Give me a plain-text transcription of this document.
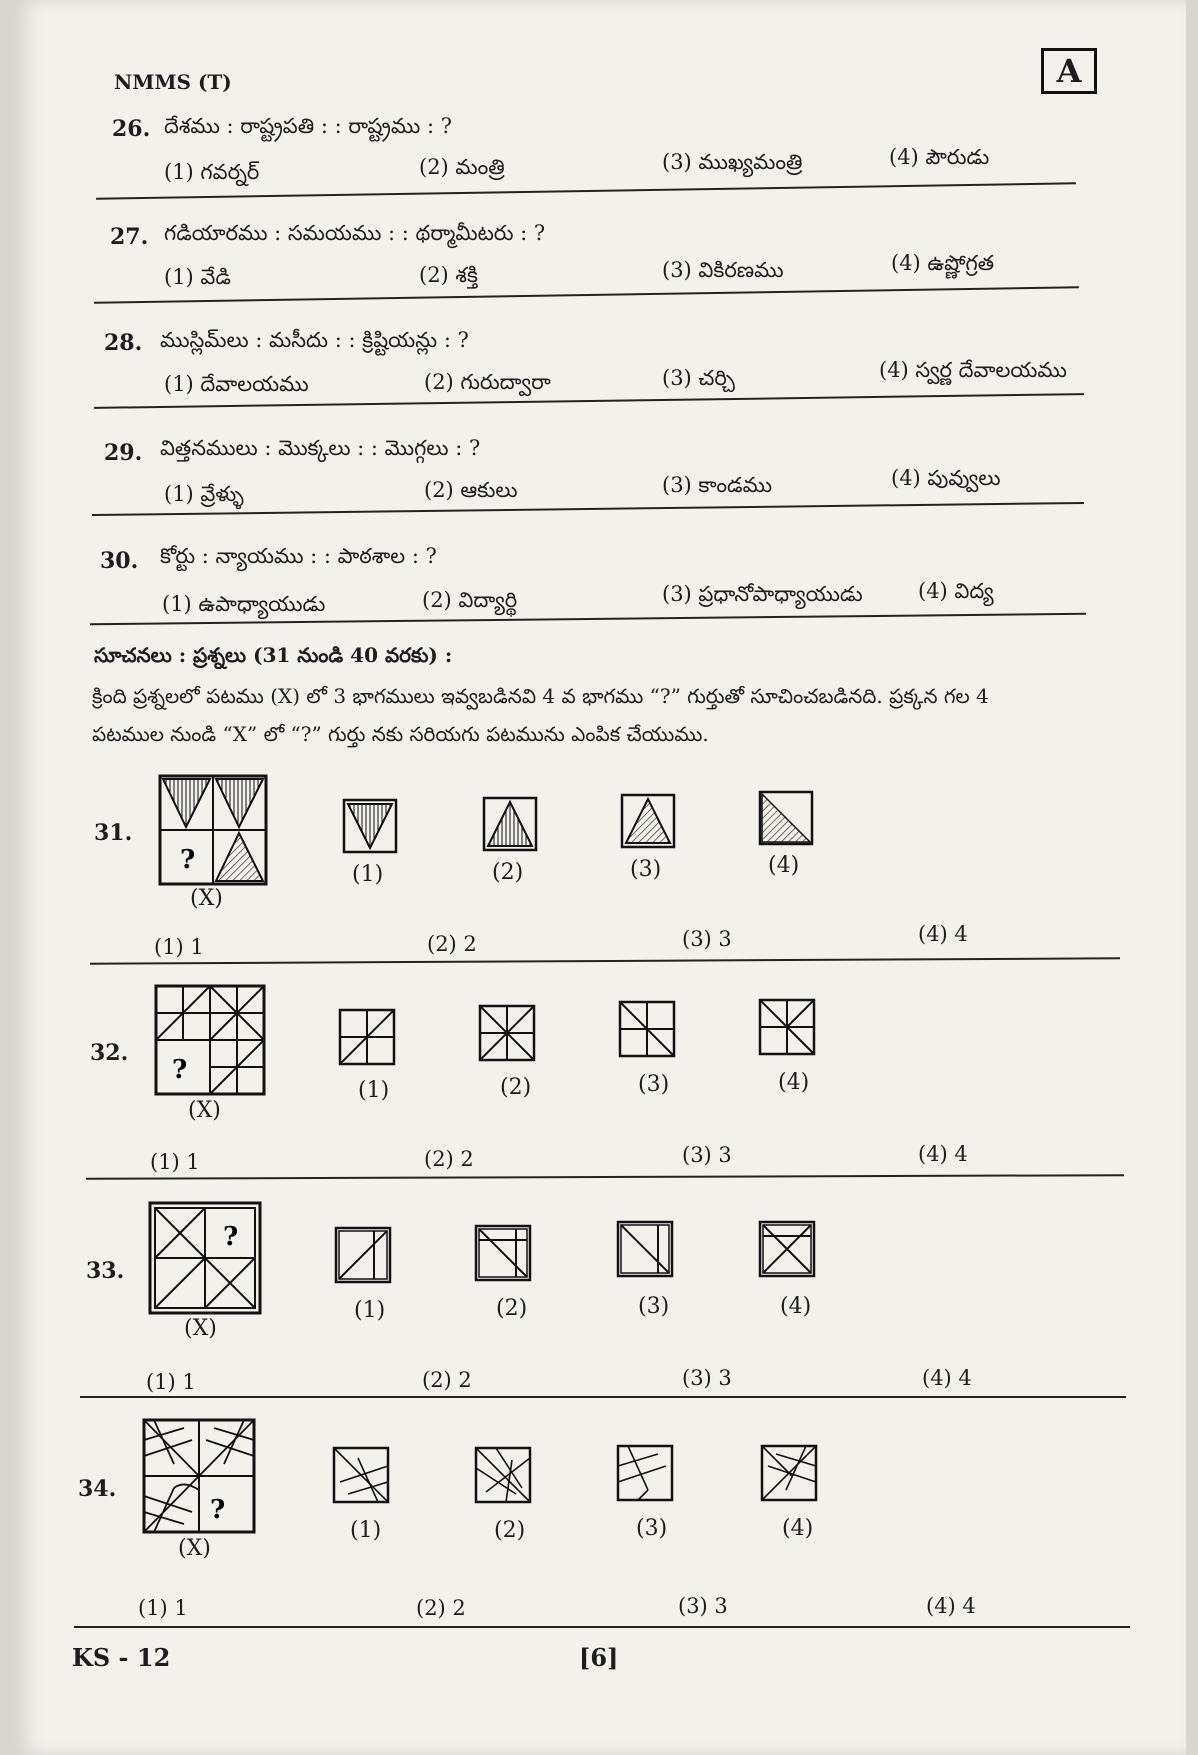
NMMS (T)	A
26. దేశము : రాష్ట్రపతి : : రాష్ట్రము : ?
(1) గవర్నర్	(2) మంత్రి	(3) ముఖ్యమంత్రి	(4) పౌరుడు
27. గడియారము : సమయము : : థర్మామీటరు : ?
(1) వేడి	(2) శక్తి	(3) వికిరణము	(4) ఉష్ణోగ్రత
28. ముస్లిమ్‌లు : మసీదు : : క్రిష్టియన్లు : ?
(1) దేవాలయము	(2) గురుద్వారా	(3) చర్చి	(4) స్వర్ణ దేవాలయము
29. విత్తనములు : మొక్కలు : : మొగ్గలు : ?
(1) వ్రేళ్ళు	(2) ఆకులు	(3) కాండము	(4) పువ్వులు
30. కోర్టు : న్యాయము : : పాఠశాల : ?
(1) ఉపాధ్యాయుడు	(2) విద్యార్థి	(3) ప్రధానోపాధ్యాయుడు	(4) విద్య
సూచనలు : ప్రశ్నలు (31 నుండి 40 వరకు) :
క్రింది ప్రశ్నలలో పటము (X) లో 3 భాగములు ఇవ్వబడినవి 4 వ భాగము “?” గుర్తుతో సూచించబడినది. ప్రక్కన గల 4
పటముల నుండి “X” లో “?” గుర్తు నకు సరియగు పటమును ఎంపిక చేయుము.
31.
?
(X)
(1)	(2)	(3)	(4)
(1) 1	(2) 2	(3) 3	(4) 4
32.
?
(X)
(1)	(2)	(3)	(4)
(1) 1	(2) 2	(3) 3	(4) 4
33.
?
(X)
(1)	(2)	(3)	(4)
(1) 1	(2) 2	(3) 3	(4) 4
34.
?
(X)
(1)	(2)	(3)	(4)
(1) 1	(2) 2	(3) 3	(4) 4
KS - 12	[6]
